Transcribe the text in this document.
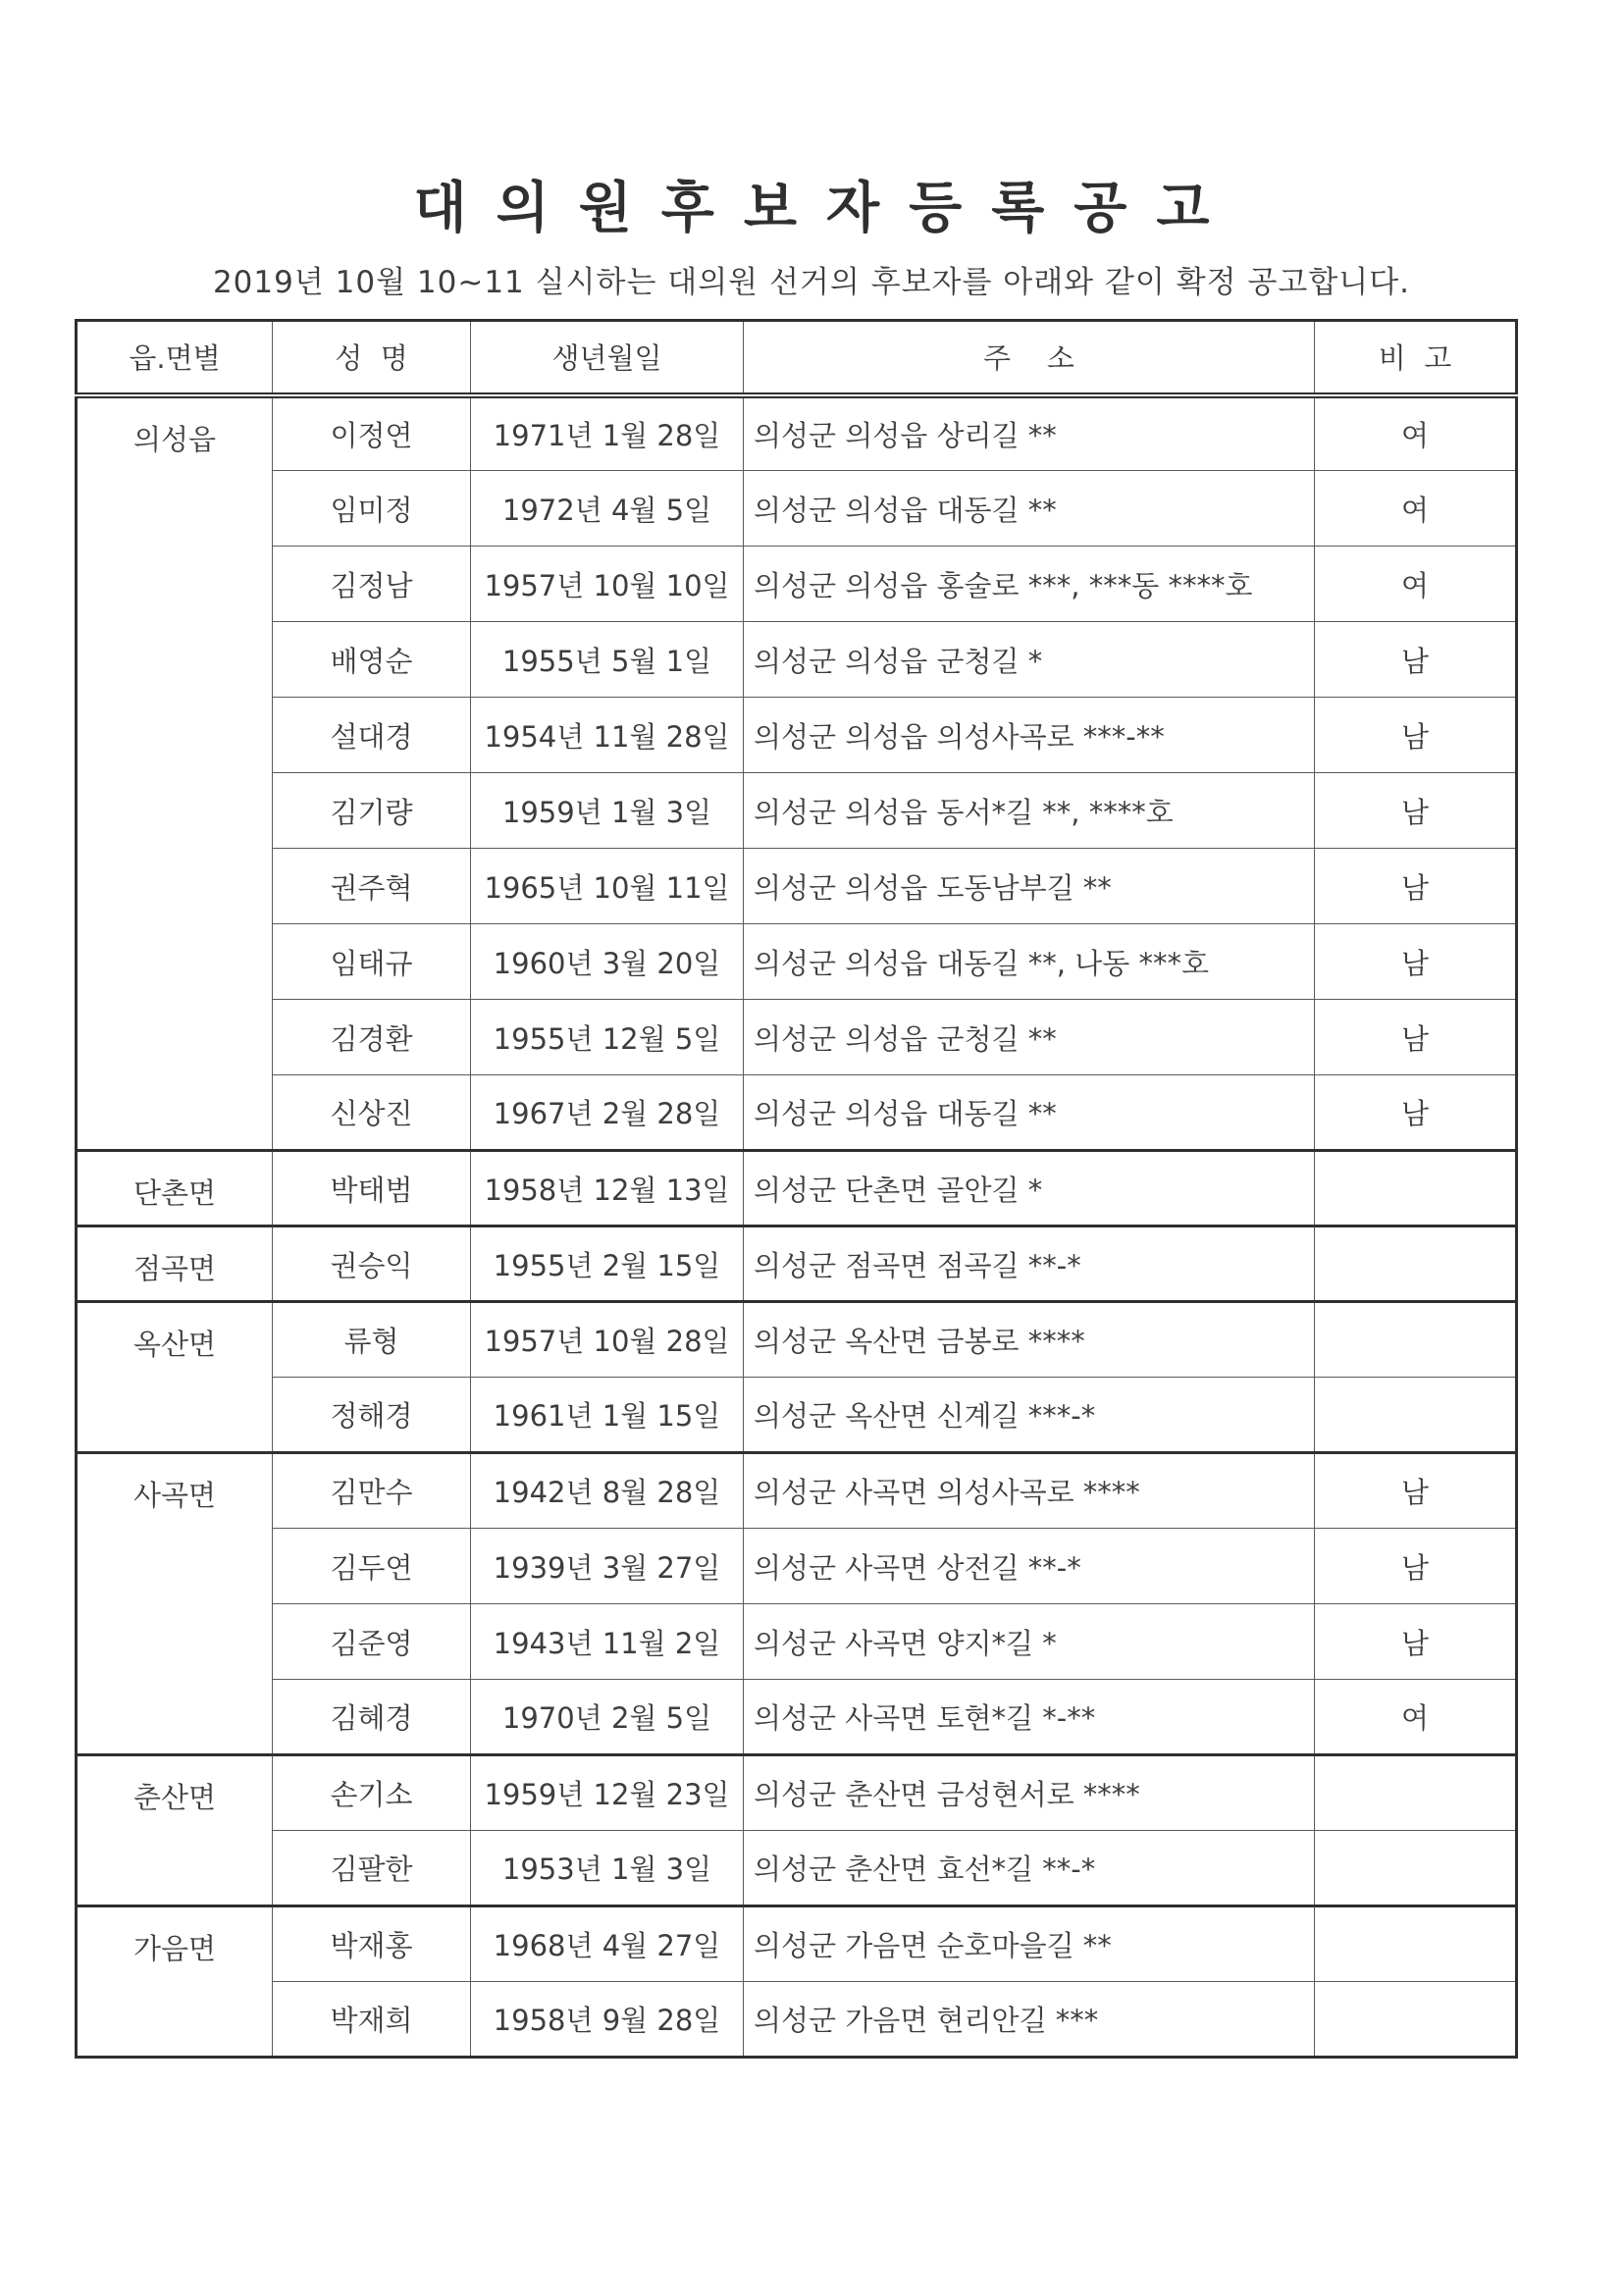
대의원후보자등록공고
2019년 10월 10~11 실시하는 대의원 선거의 후보자를 아래와 같이 확정 공고합니다.
읍.면별	성  명	생년월일	주    소	비  고
의성읍	이정연	1971년 1월 28일	의성군 의성읍 상리길 **	여
	임미정	1972년 4월 5일	의성군 의성읍 대동길 **	여
	김정남	1957년 10월 10일	의성군 의성읍 홍술로 ***, ***동 ****호	여
	배영순	1955년 5월 1일	의성군 의성읍 군청길 *	남
	설대경	1954년 11월 28일	의성군 의성읍 의성사곡로 ***-**	남
	김기량	1959년 1월 3일	의성군 의성읍 동서*길 **, ****호	남
	권주혁	1965년 10월 11일	의성군 의성읍 도동남부길 **	남
	임태규	1960년 3월 20일	의성군 의성읍 대동길 **, 나동 ***호	남
	김경환	1955년 12월 5일	의성군 의성읍 군청길 **	남
	신상진	1967년 2월 28일	의성군 의성읍 대동길 **	남
단촌면	박태범	1958년 12월 13일	의성군 단촌면 골안길 *	
점곡면	권승익	1955년 2월 15일	의성군 점곡면 점곡길 **-*	
옥산면	류형	1957년 10월 28일	의성군 옥산면 금봉로 ****	
	정해경	1961년 1월 15일	의성군 옥산면 신계길 ***-*	
사곡면	김만수	1942년 8월 28일	의성군 사곡면 의성사곡로 ****	남
	김두연	1939년 3월 27일	의성군 사곡면 상전길 **-*	남
	김준영	1943년 11월 2일	의성군 사곡면 양지*길 *	남
	김혜경	1970년 2월 5일	의성군 사곡면 토현*길 *-**	여
춘산면	손기소	1959년 12월 23일	의성군 춘산면 금성현서로 ****	
	김팔한	1953년 1월 3일	의성군 춘산면 효선*길 **-*	
가음면	박재홍	1968년 4월 27일	의성군 가음면 순호마을길 **	
	박재희	1958년 9월 28일	의성군 가음면 현리안길 ***	
